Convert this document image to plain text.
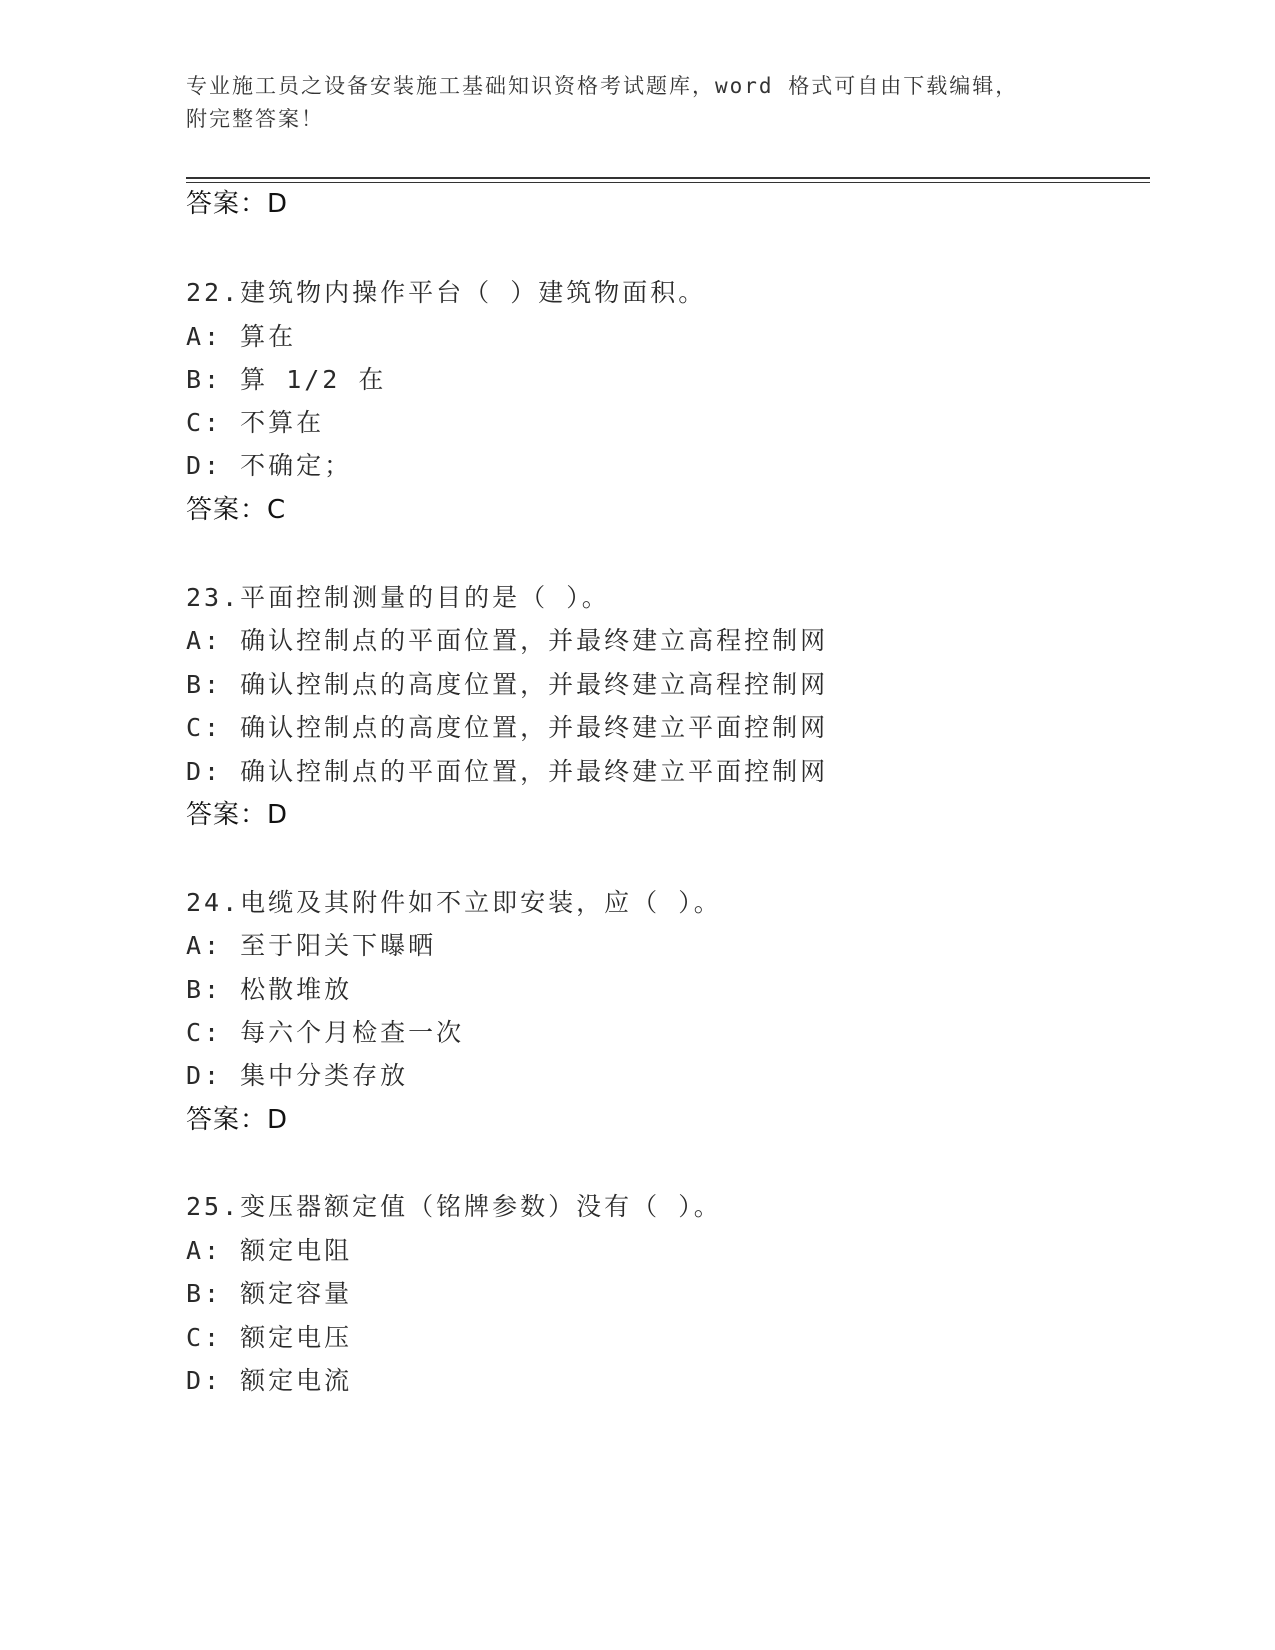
专业施工员之设备安装施工基础知识资格考试题库，word 格式可自由下载编辑，
附完整答案！
答案：D
22.建筑物内操作平台（ ）建筑物面积。
A: 算在
B: 算 1/2 在
C: 不算在
D: 不确定；
答案：C
23.平面控制测量的目的是（ ）。
A: 确认控制点的平面位置，并最终建立高程控制网
B: 确认控制点的高度位置，并最终建立高程控制网
C: 确认控制点的高度位置，并最终建立平面控制网
D: 确认控制点的平面位置，并最终建立平面控制网
答案：D
24.电缆及其附件如不立即安装，应（ ）。
A: 至于阳关下曝晒
B: 松散堆放
C: 每六个月检查一次
D: 集中分类存放
答案：D
25.变压器额定值（铭牌参数）没有（ ）。
A: 额定电阻
B: 额定容量
C: 额定电压
D: 额定电流
